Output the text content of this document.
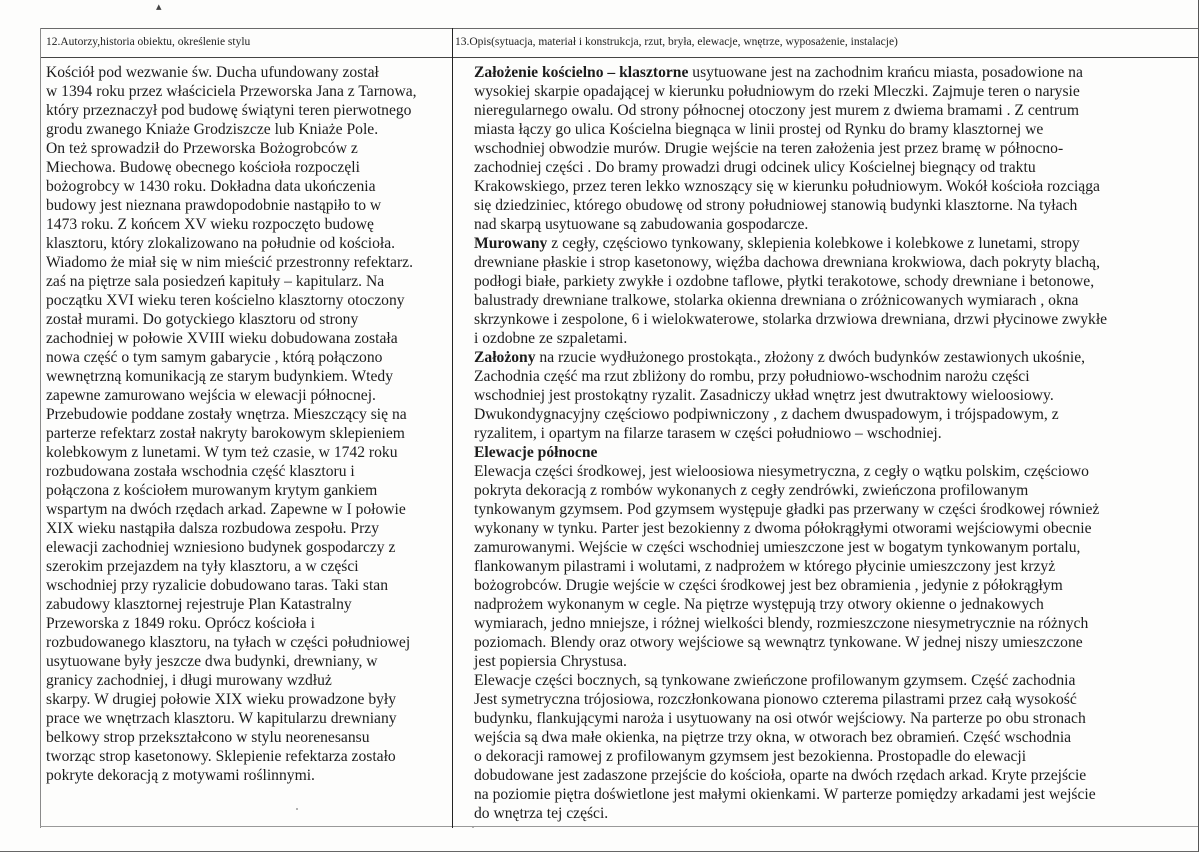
▴
12.Autorzy,historia obiektu, określenie stylu	13.Opis(sytuacja, materiał i konstrukcja, rzut, bryła, elewacje, wnętrze, wyposażenie, instalacje)
Kościół pod wezwanie św. Ducha ufundowany został
w 1394 roku przez właściciela Przeworska Jana z Tarnowa,
który przeznaczył pod budowę świątyni teren pierwotnego
grodu zwanego Kniaże Grodziszcze lub Kniaże Pole.
On też sprowadził do Przeworska Bożogrobców z
Miechowa. Budowę obecnego kościoła rozpoczęli
bożogrobcy w 1430 roku. Dokładna data ukończenia
budowy jest nieznana prawdopodobnie nastąpiło to w
1473 roku. Z końcem XV wieku rozpoczęto budowę
klasztoru, który zlokalizowano na południe od kościoła.
Wiadomo że miał się w nim mieścić przestronny refektarz.
zaś na piętrze sala posiedzeń kapituły – kapitularz. Na
początku XVI wieku teren kościelno klasztorny otoczony
został murami. Do gotyckiego klasztoru od strony
zachodniej w połowie XVIII wieku dobudowana została
nowa część o tym samym gabarycie , którą połączono
wewnętrzną komunikacją ze starym budynkiem. Wtedy
zapewne zamurowano wejścia w elewacji północnej.
Przebudowie poddane zostały wnętrza. Mieszczący się na
parterze refektarz został nakryty barokowym sklepieniem
kolebkowym z lunetami. W tym też czasie, w 1742 roku
rozbudowana została wschodnia część klasztoru i
połączona z kościołem murowanym krytym gankiem
wspartym na dwóch rzędach arkad. Zapewne w I połowie
XIX wieku nastąpiła dalsza rozbudowa zespołu. Przy
elewacji zachodniej wzniesiono budynek gospodarczy z
szerokim przejazdem na tyły klasztoru, a w części
wschodniej przy ryzalicie dobudowano taras. Taki stan
zabudowy klasztornej rejestruje Plan Katastralny
Przeworska z 1849 roku. Oprócz kościoła i
rozbudowanego klasztoru, na tyłach w części południowej
usytuowane były jeszcze dwa budynki, drewniany, w
granicy zachodniej, i długi murowany wzdłuż
skarpy. W drugiej połowie XIX wieku prowadzone były
prace we wnętrzach klasztoru. W kapitularzu drewniany
belkowy strop przekształcono w stylu neorenesansu
tworząc strop kasetonowy. Sklepienie refektarza zostało
pokryte dekoracją z motywami roślinnymi.
Założenie kościelno – klasztorne usytuowane jest na zachodnim krańcu miasta, posadowione na
wysokiej skarpie opadającej w kierunku południowym do rzeki Mleczki. Zajmuje teren o narysie
nieregularnego owalu. Od strony północnej otoczony jest murem z dwiema bramami . Z centrum
miasta łączy go ulica Kościelna biegnąca w linii prostej od Rynku do bramy klasztornej we
wschodniej obwodzie murów. Drugie wejście na teren założenia jest przez bramę w północno-
zachodniej części . Do bramy prowadzi drugi odcinek ulicy Kościelnej biegnący od traktu
Krakowskiego, przez teren lekko wznoszący się w kierunku południowym. Wokół kościoła rozciąga
się dziedziniec, którego obudowę od strony południowej stanowią budynki klasztorne. Na tyłach
nad skarpą usytuowane są zabudowania gospodarcze.
Murowany z cegły, częściowo tynkowany, sklepienia kolebkowe i kolebkowe z lunetami, stropy
drewniane płaskie i strop kasetonowy, więźba dachowa drewniana krokwiowa, dach pokryty blachą,
podłogi białe, parkiety zwykłe i ozdobne taflowe, płytki terakotowe, schody drewniane i betonowe,
balustrady drewniane tralkowe, stolarka okienna drewniana o zróżnicowanych wymiarach , okna
skrzynkowe i zespolone, 6 i wielokwaterowe, stolarka drzwiowa drewniana, drzwi płycinowe zwykłe
i ozdobne ze szpaletami.
Założony na rzucie wydłużonego prostokąta., złożony z dwóch budynków zestawionych ukośnie,
Zachodnia część ma rzut zbliżony do rombu, przy południowo-wschodnim narożu części
wschodniej jest prostokątny ryzalit. Zasadniczy układ wnętrz jest dwutraktowy wieloosiowy.
Dwukondygnacyjny częściowo podpiwniczony , z dachem dwuspadowym, i trójspadowym, z
ryzalitem, i opartym na filarze tarasem w części południowo – wschodniej.
Elewacje północne
Elewacja części środkowej, jest wieloosiowa niesymetryczna, z cegły o wątku polskim, częściowo
pokryta dekoracją z rombów wykonanych z cegły zendrówki, zwieńczona profilowanym
tynkowanym gzymsem. Pod gzymsem występuje gładki pas przerwany w części środkowej również
wykonany w tynku. Parter jest bezokienny z dwoma półokrągłymi otworami wejściowymi obecnie
zamurowanymi. Wejście w części wschodniej umieszczone jest w bogatym tynkowanym portalu,
flankowanym pilastrami i wolutami, z nadprożem w którego płycinie umieszczony jest krzyż
bożogrobców. Drugie wejście w części środkowej jest bez obramienia , jedynie z półokrągłym
nadprożem wykonanym w cegle. Na piętrze występują trzy otwory okienne o jednakowych
wymiarach, jedno mniejsze, i różnej wielkości blendy, rozmieszczone niesymetrycznie na różnych
poziomach. Blendy oraz otwory wejściowe są wewnątrz tynkowane. W jednej niszy umieszczone
jest popiersia Chrystusa.
Elewacje części bocznych, są tynkowane zwieńczone profilowanym gzymsem. Część zachodnia
Jest symetryczna trójosiowa, rozczłonkowana pionowo czterema pilastrami przez całą wysokość
budynku, flankującymi naroża i usytuowany na osi otwór wejściowy. Na parterze po obu stronach
wejścia są dwa małe okienka, na piętrze trzy okna, w otworach bez obramień. Część wschodnia
o dekoracji ramowej z profilowanym gzymsem jest bezokienna. Prostopadle do elewacji
dobudowane jest zadaszone przejście do kościoła, oparte na dwóch rzędach arkad. Kryte przejście
na poziomie piętra doświetlone jest małymi okienkami. W parterze pomiędzy arkadami jest wejście
do wnętrza tej części.
